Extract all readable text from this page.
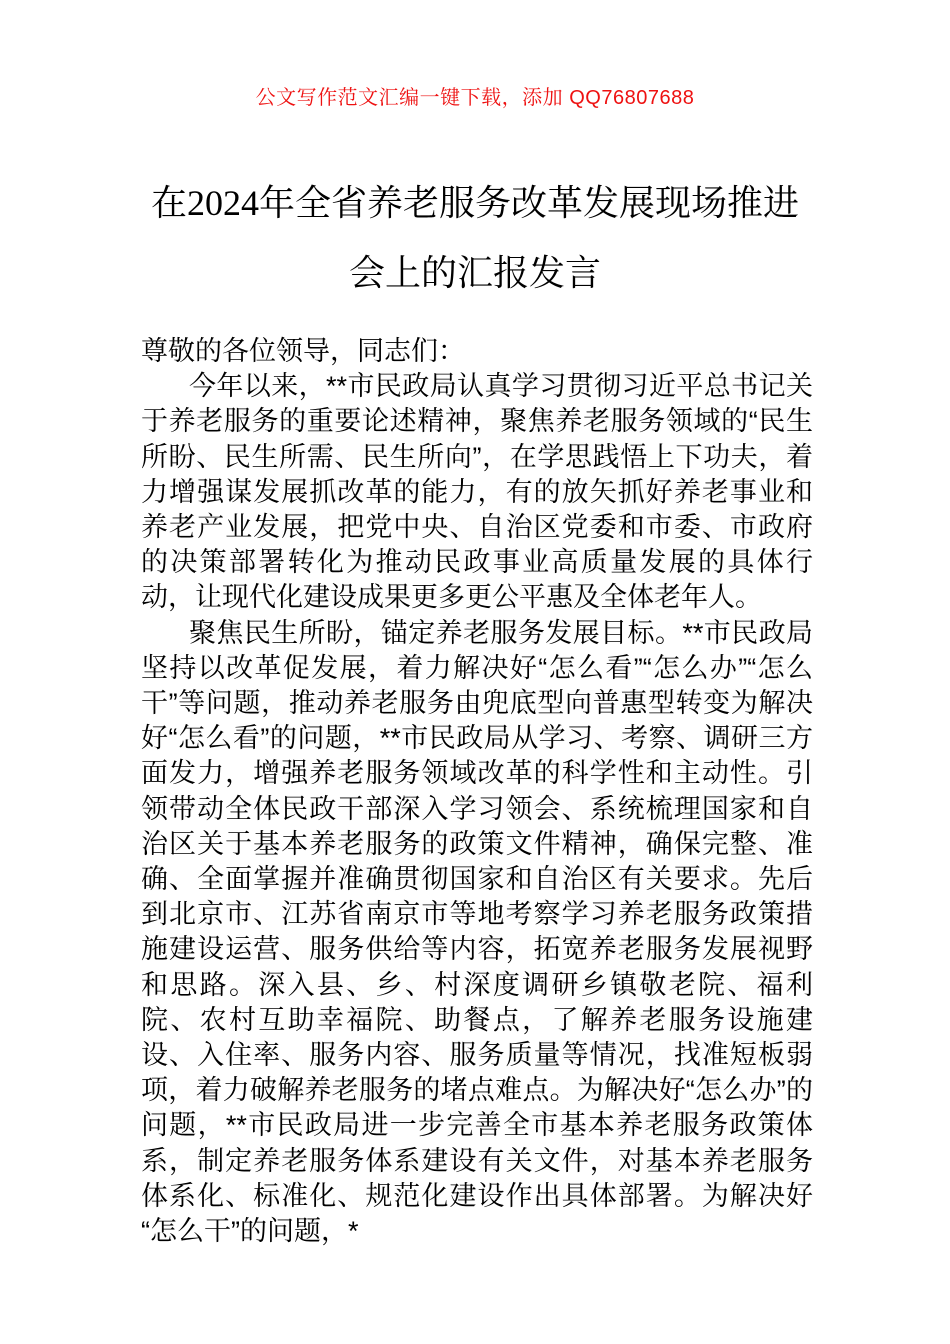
公文写作范文汇编一键下载，添加 QQ76807688
在2024年全省养老服务改革发展现场推进
会上的汇报发言

尊敬的各位领导，同志们：

今年以来，**市民政局认真学习贯彻习近平总书记关于养老服务的重要论述精神，聚焦养老服务领域的“民生所盼、民生所需、民生所向”，在学思践悟上下功夫，着力增强谋发展抓改革的能力，有的放矢抓好养老事业和养老产业发展，把党中央、自治区党委和市委、市政府的决策部署转化为推动民政事业高质量发展的具体行动，让现代化建设成果更多更公平惠及全体老年人。

聚焦民生所盼，锚定养老服务发展目标。**市民政局坚持以改革促发展，着力解决好“怎么看”“怎么办”“怎么干”等问题，推动养老服务由兜底型向普惠型转变为解决好“怎么看”的问题，**市民政局从学习、考察、调研三方面发力，增强养老服务领域改革的科学性和主动性。引领带动全体民政干部深入学习领会、系统梳理国家和自治区关于基本养老服务的政策文件精神，确保完整、准确、全面掌握并准确贯彻国家和自治区有关要求。先后到北京市、江苏省南京市等地考察学习养老服务政策措施建设运营、服务供给等内容，拓宽养老服务发展视野和思路。深入县、乡、村深度调研乡镇敬老院、福利院、农村互助幸福院、助餐点，了解养老服务设施建设、入住率、服务内容、服务质量等情况，找准短板弱项，着力破解养老服务的堵点难点。为解决好“怎么办”的问题，**市民政局进一步完善全市基本养老服务政策体系，制定养老服务体系建设有关文件，对基本养老服务体系化、标准化、规范化建设作出具体部署。为解决好“怎么干”的问题，*
